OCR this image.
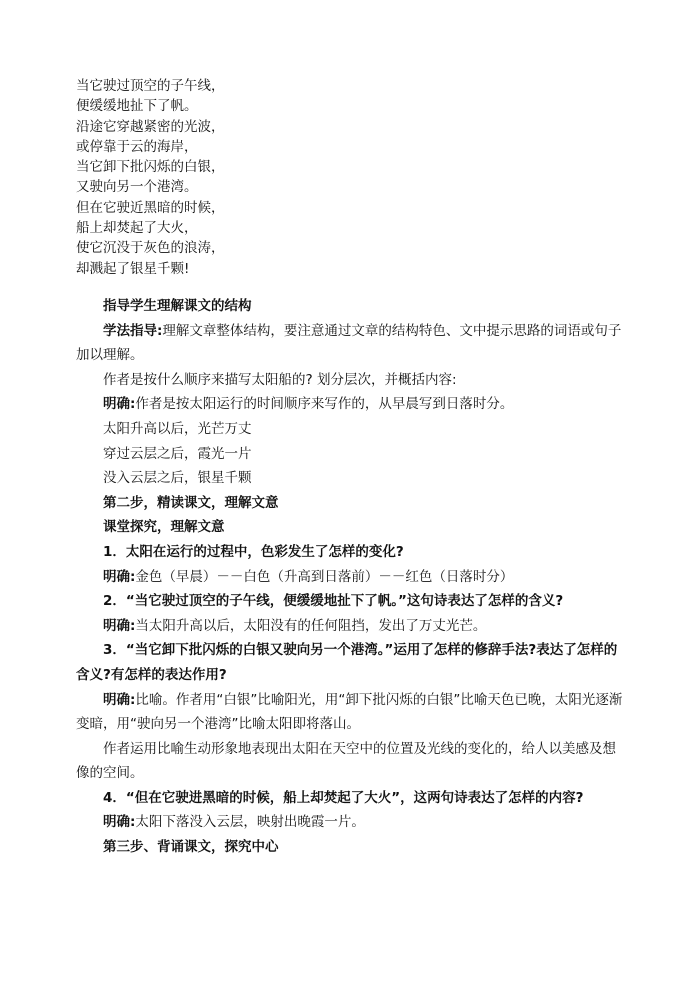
当它驶过顶空的子午线，
便缓缓地扯下了帆。
沿途它穿越紧密的光波，
或停靠于云的海岸，
当它卸下批闪烁的白银，
又驶向另一个港湾。
但在它驶近黑暗的时候，
船上却焚起了大火，
使它沉没于灰色的浪涛，
却溅起了银星千颗!

指导学生理解课文的结构

学法指导:理解文章整体结构，要注意通过文章的结构特色、文中提示思路的词语或句子加以理解。

作者是按什么顺序来描写太阳船的? 划分层次，并概括内容:

明确:作者是按太阳运行的时间顺序来写作的，从早晨写到日落时分。

太阳升高以后，光芒万丈

穿过云层之后，霞光一片

没入云层之后，银星千颗

第二步，精读课文，理解文意

课堂探究，理解文意

1．太阳在运行的过程中，色彩发生了怎样的变化?

明确:金色（早晨）－－白色（升高到日落前）－－红色（日落时分）

2．“当它驶过顶空的子午线，便缓缓地扯下了帆。”这句诗表达了怎样的含义?

明确:当太阳升高以后，太阳没有的任何阻挡，发出了万丈光芒。

3．“当它卸下批闪烁的白银又驶向另一个港湾。”运用了怎样的修辞手法?表达了怎样的含义?有怎样的表达作用?

明确:比喻。作者用“白银”比喻阳光，用“卸下批闪烁的白银”比喻天色已晚，太阳光逐渐变暗，用“驶向另一个港湾”比喻太阳即将落山。

作者运用比喻生动形象地表现出太阳在天空中的位置及光线的变化的，给人以美感及想像的空间。

4．“但在它驶进黑暗的时候，船上却焚起了大火”，这两句诗表达了怎样的内容?

明确:太阳下落没入云层，映射出晚霞一片。

第三步、背诵课文，探究中心
